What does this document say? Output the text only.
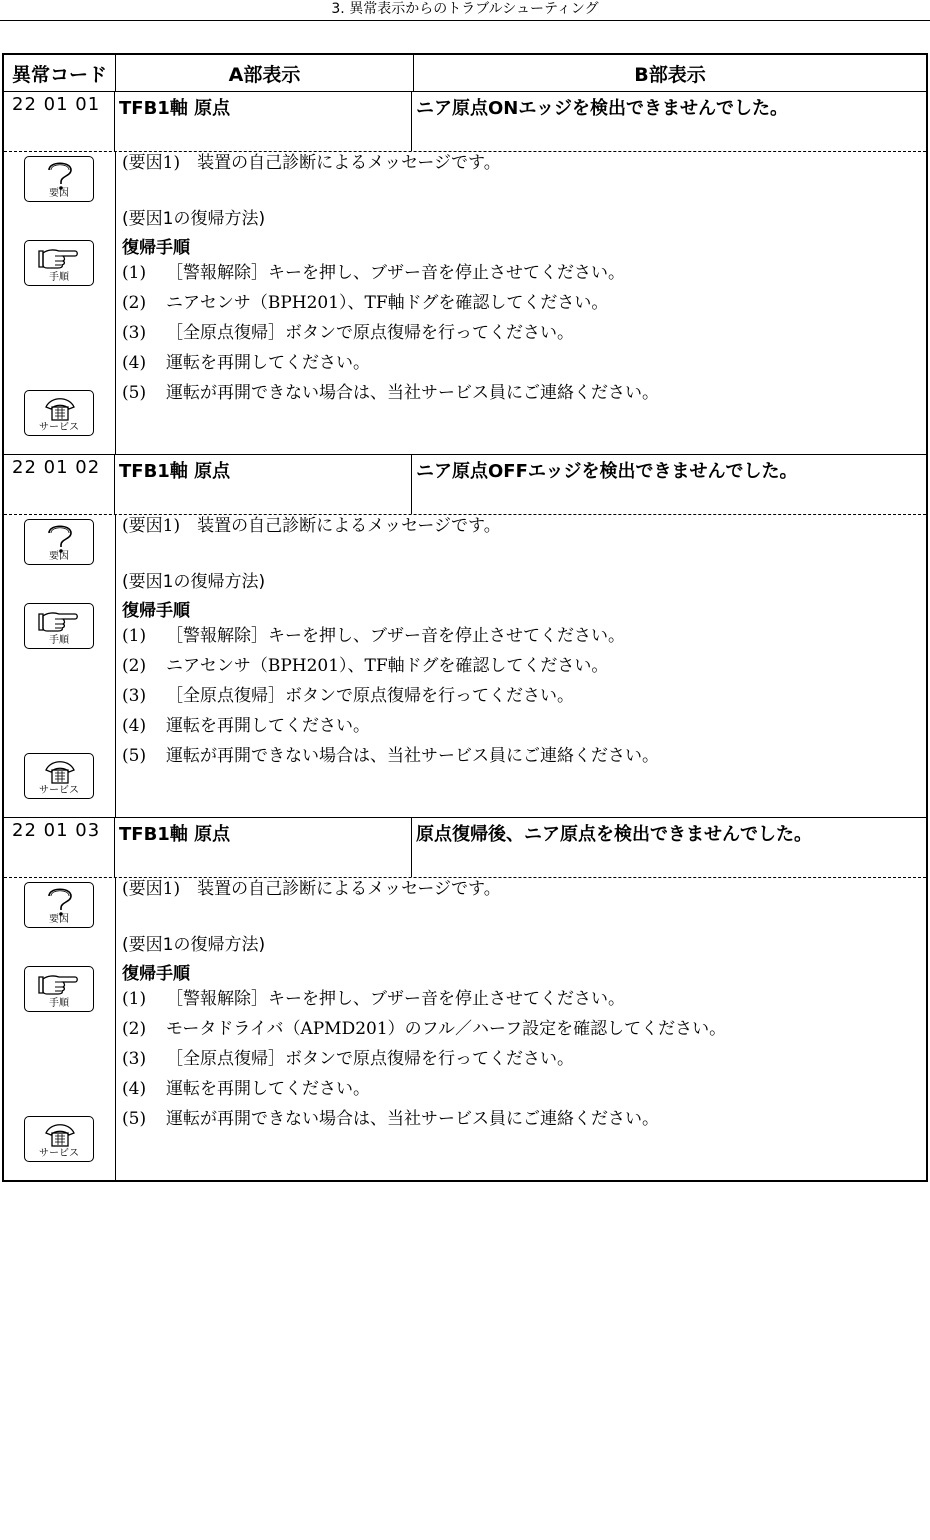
3. 異常表示からのトラブルシューティング
異常コード	A部表示	B部表示
22 01 01	TFB1軸 原点	ニア原点ONエッジを検出できませんでした。
要因
手順
サービス
(要因1)　装置の自己診断によるメッセージです。
(要因1の復帰方法)
復帰手順
(1) ［警報解除］キーを押し、ブザー音を停止させてください。
(2) ニアセンサ（BPH201）、TF軸ドグを確認してください。
(3) ［全原点復帰］ボタンで原点復帰を行ってください。
(4) 運転を再開してください。
(5) 運転が再開できない場合は、当社サービス員にご連絡ください。
22 01 02	TFB1軸 原点	ニア原点OFFエッジを検出できませんでした。
要因
手順
サービス
(要因1)　装置の自己診断によるメッセージです。
(要因1の復帰方法)
復帰手順
(1) ［警報解除］キーを押し、ブザー音を停止させてください。
(2) ニアセンサ（BPH201）、TF軸ドグを確認してください。
(3) ［全原点復帰］ボタンで原点復帰を行ってください。
(4) 運転を再開してください。
(5) 運転が再開できない場合は、当社サービス員にご連絡ください。
22 01 03	TFB1軸 原点	原点復帰後、ニア原点を検出できませんでした。
要因
手順
サービス
(要因1)　装置の自己診断によるメッセージです。
(要因1の復帰方法)
復帰手順
(1) ［警報解除］キーを押し、ブザー音を停止させてください。
(2) モータドライバ（APMD201）のフル／ハーフ設定を確認してください。
(3) ［全原点復帰］ボタンで原点復帰を行ってください。
(4) 運転を再開してください。
(5) 運転が再開できない場合は、当社サービス員にご連絡ください。
